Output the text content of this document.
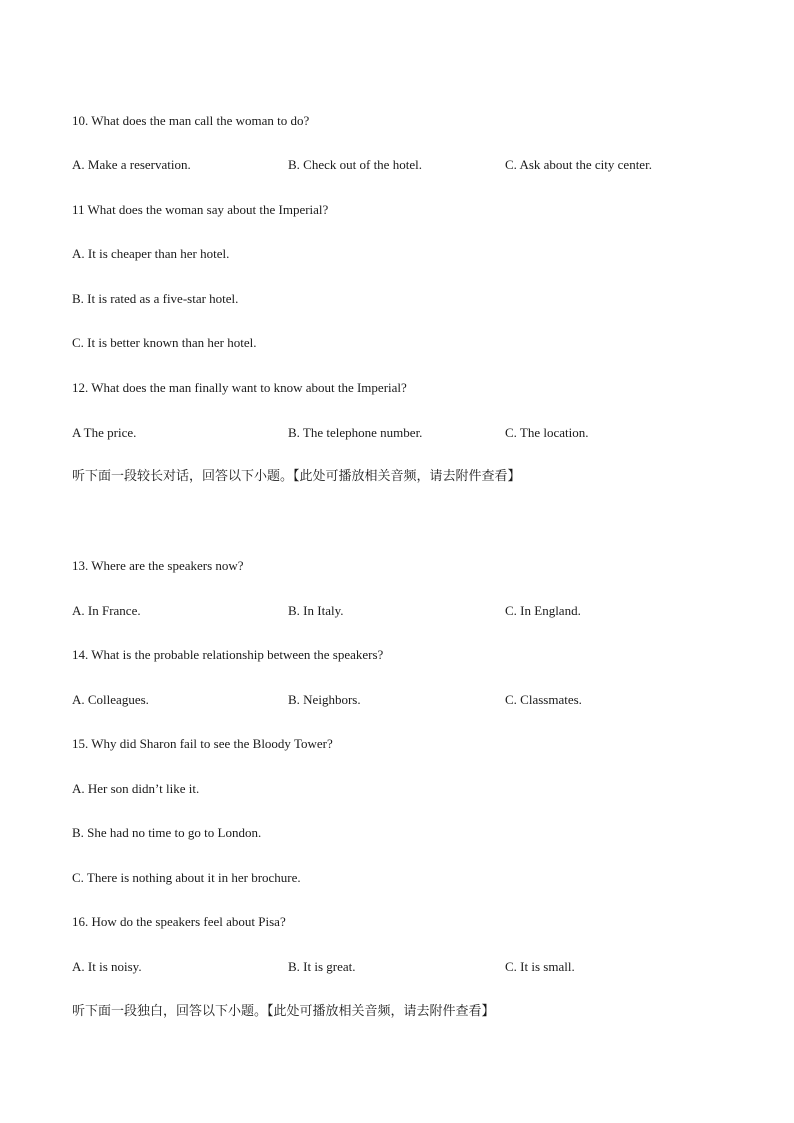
10. What does the man call the woman to do?
A. Make a reservation.	B. Check out of the hotel.	C. Ask about the city center.
11 What does the woman say about the Imperial?
A. It is cheaper than her hotel.
B. It is rated as a five-star hotel.
C. It is better known than her hotel.
12. What does the man finally want to know about the Imperial?
A The price.	B. The telephone number.	C. The location.
听下面一段较长对话，回答以下小题。【此处可播放相关音频，请去附件查看】
13. Where are the speakers now?
A. In France.	B. In Italy.	C. In England.
14. What is the probable relationship between the speakers?
A. Colleagues.	B. Neighbors.	C. Classmates.
15. Why did Sharon fail to see the Bloody Tower?
A. Her son didn’t like it.
B. She had no time to go to London.
C. There is nothing about it in her brochure.
16. How do the speakers feel about Pisa?
A. It is noisy.	B. It is great.	C. It is small.
听下面一段独白，回答以下小题。【此处可播放相关音频，请去附件查看】
